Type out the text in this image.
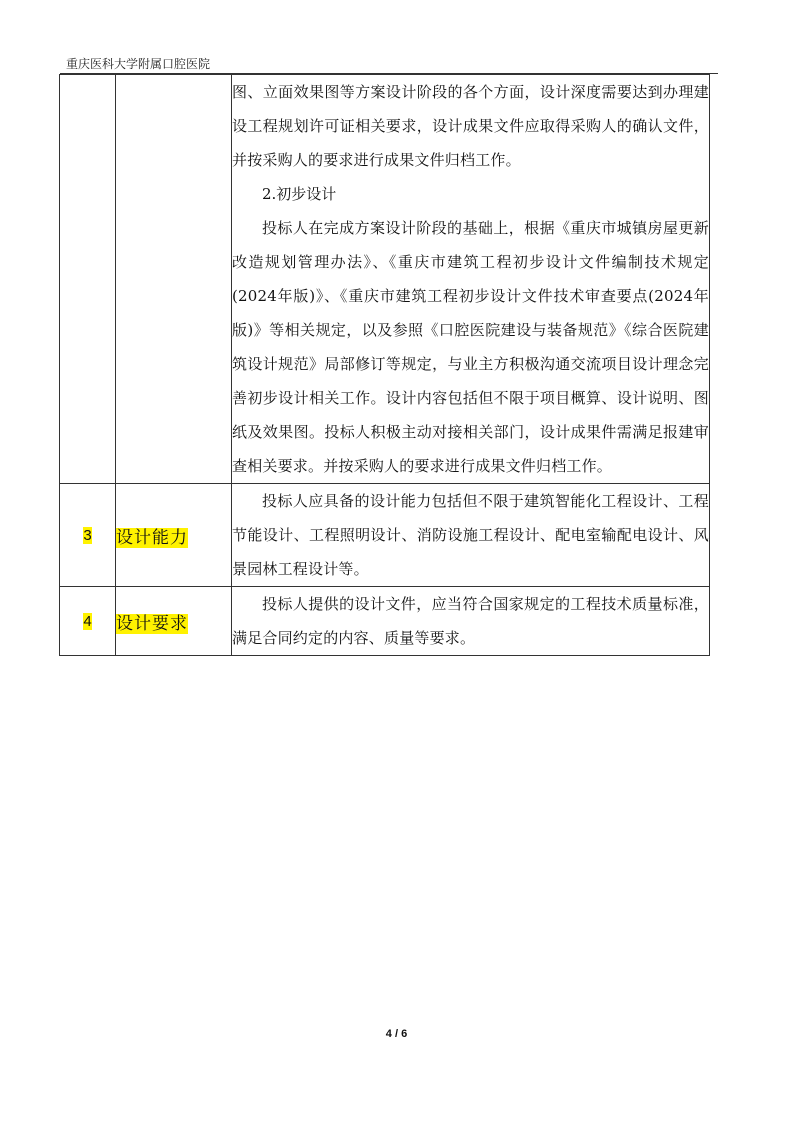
重庆医科大学附属口腔医院

		图、立面效果图等方案设计阶段的各个方面，设计深度需要达到办理建设工程规划许可证相关要求，设计成果文件应取得采购人的确认文件，并按采购人的要求进行成果文件归档工作。

2.初步设计

投标人在完成方案设计阶段的基础上，根据《重庆市城镇房屋更新改造规划管理办法》、《重庆市建筑工程初步设计文件编制技术规定(2024年版)》、《重庆市建筑工程初步设计文件技术审查要点(2024年版)》等相关规定，以及参照《口腔医院建设与装备规范》《综合医院建筑设计规范》局部修订等规定，与业主方积极沟通交流项目设计理念完善初步设计相关工作。设计内容包括但不限于项目概算、设计说明、图纸及效果图。投标人积极主动对接相关部门，设计成果件需满足报建审查相关要求。并按采购人的要求进行成果文件归档工作。

3	设计能力	投标人应具备的设计能力包括但不限于建筑智能化工程设计、工程节能设计、工程照明设计、消防设施工程设计、配电室输配电设计、风景园林工程设计等。

4	设计要求	投标人提供的设计文件，应当符合国家规定的工程技术质量标准，满足合同约定的内容、质量等要求。

4 / 6
